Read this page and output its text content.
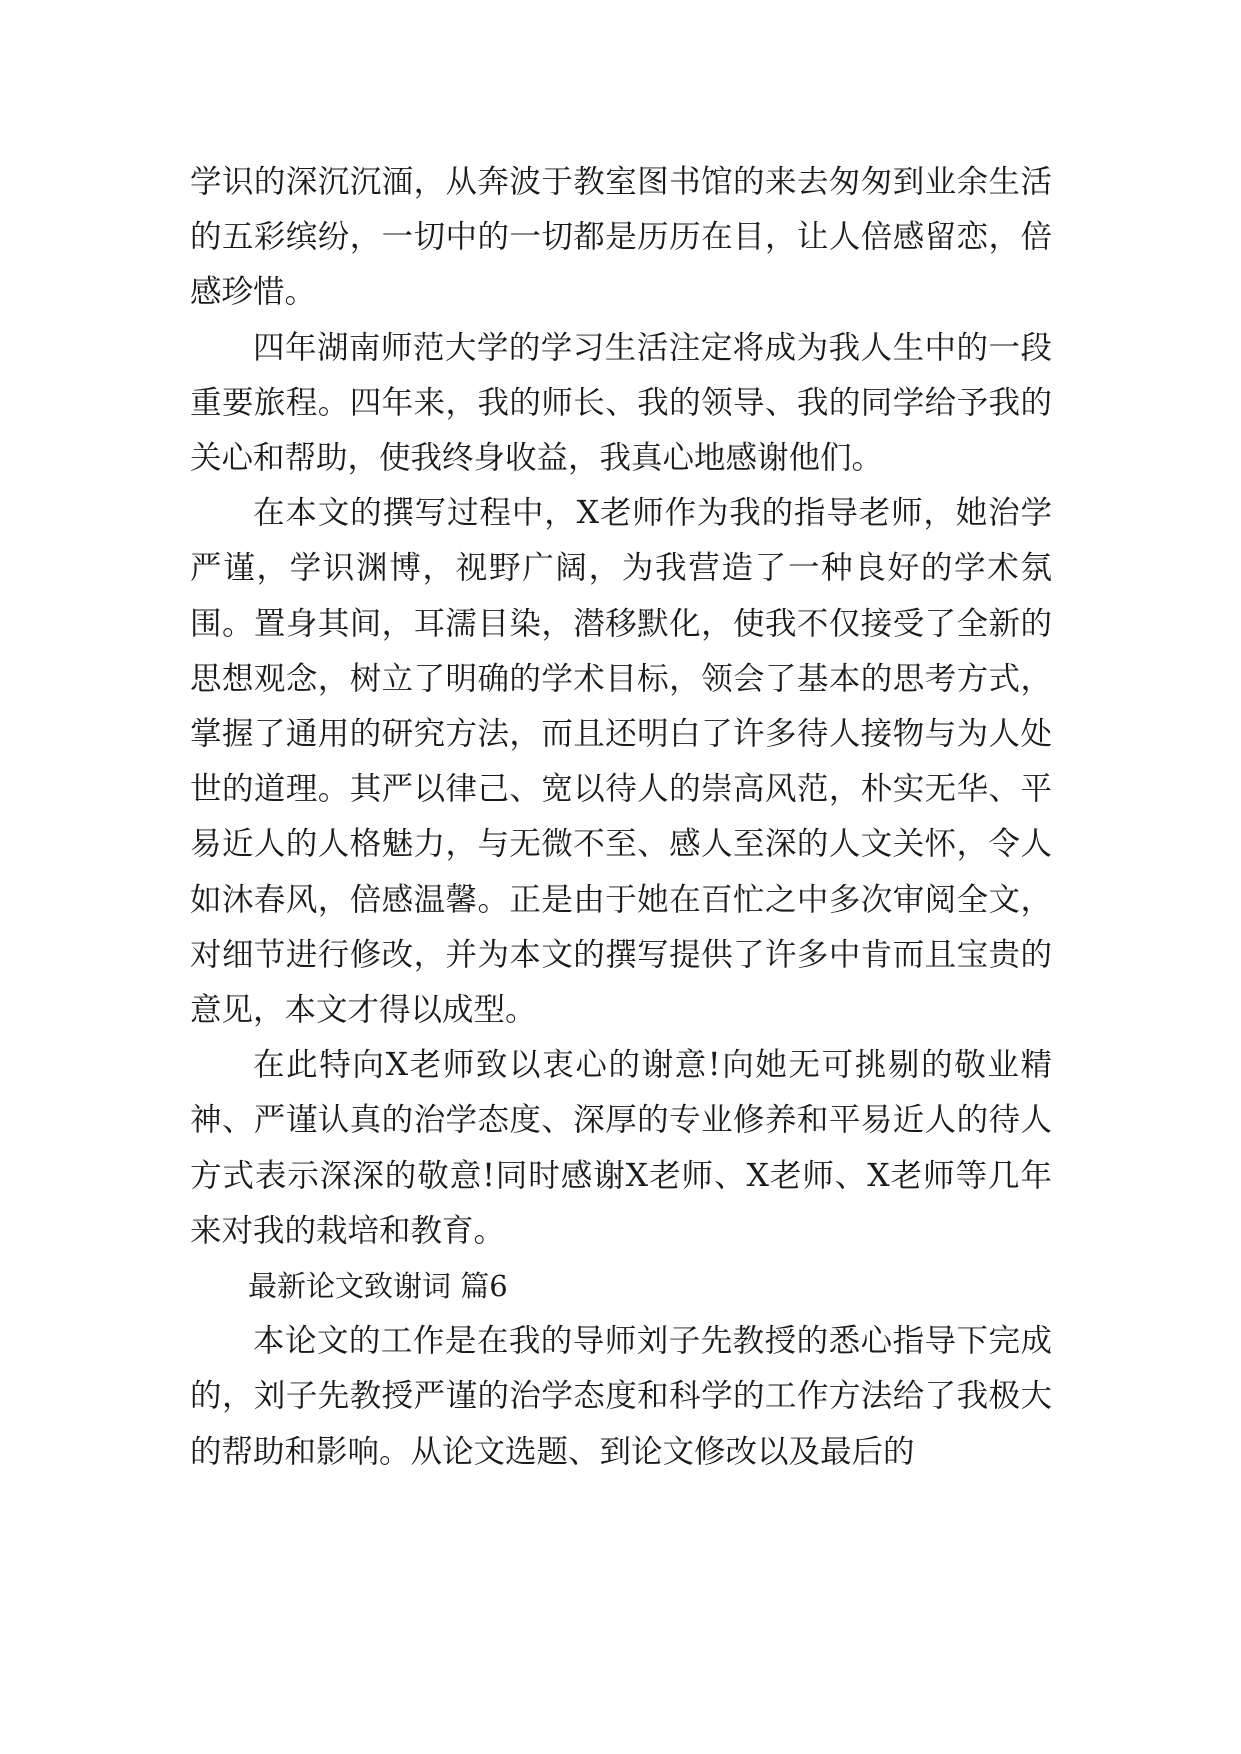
学识的深沉沉湎，从奔波于教室图书馆的来去匆匆到业余生活的五彩缤纷，一切中的一切都是历历在目，让人倍感留恋，倍感珍惜。

四年湖南师范大学的学习生活注定将成为我人生中的一段重要旅程。四年来，我的师长、我的领导、我的同学给予我的关心和帮助，使我终身收益，我真心地感谢他们。

在本文的撰写过程中，X老师作为我的指导老师，她治学严谨，学识渊博，视野广阔，为我营造了一种良好的学术氛围。置身其间，耳濡目染，潜移默化，使我不仅接受了全新的思想观念，树立了明确的学术目标，领会了基本的思考方式，掌握了通用的研究方法，而且还明白了许多待人接物与为人处世的道理。其严以律己、宽以待人的崇高风范，朴实无华、平易近人的人格魅力，与无微不至、感人至深的人文关怀，令人如沐春风，倍感温馨。正是由于她在百忙之中多次审阅全文，对细节进行修改，并为本文的撰写提供了许多中肯而且宝贵的意见，本文才得以成型。

在此特向X老师致以衷心的谢意!向她无可挑剔的敬业精神、严谨认真的治学态度、深厚的专业修养和平易近人的待人方式表示深深的敬意!同时感谢X老师、X老师、X老师等几年来对我的栽培和教育。

最新论文致谢词 篇6

本论文的工作是在我的导师刘子先教授的悉心指导下完成的，刘子先教授严谨的治学态度和科学的工作方法给了我极大的帮助和影响。从论文选题、到论文修改以及最后的
